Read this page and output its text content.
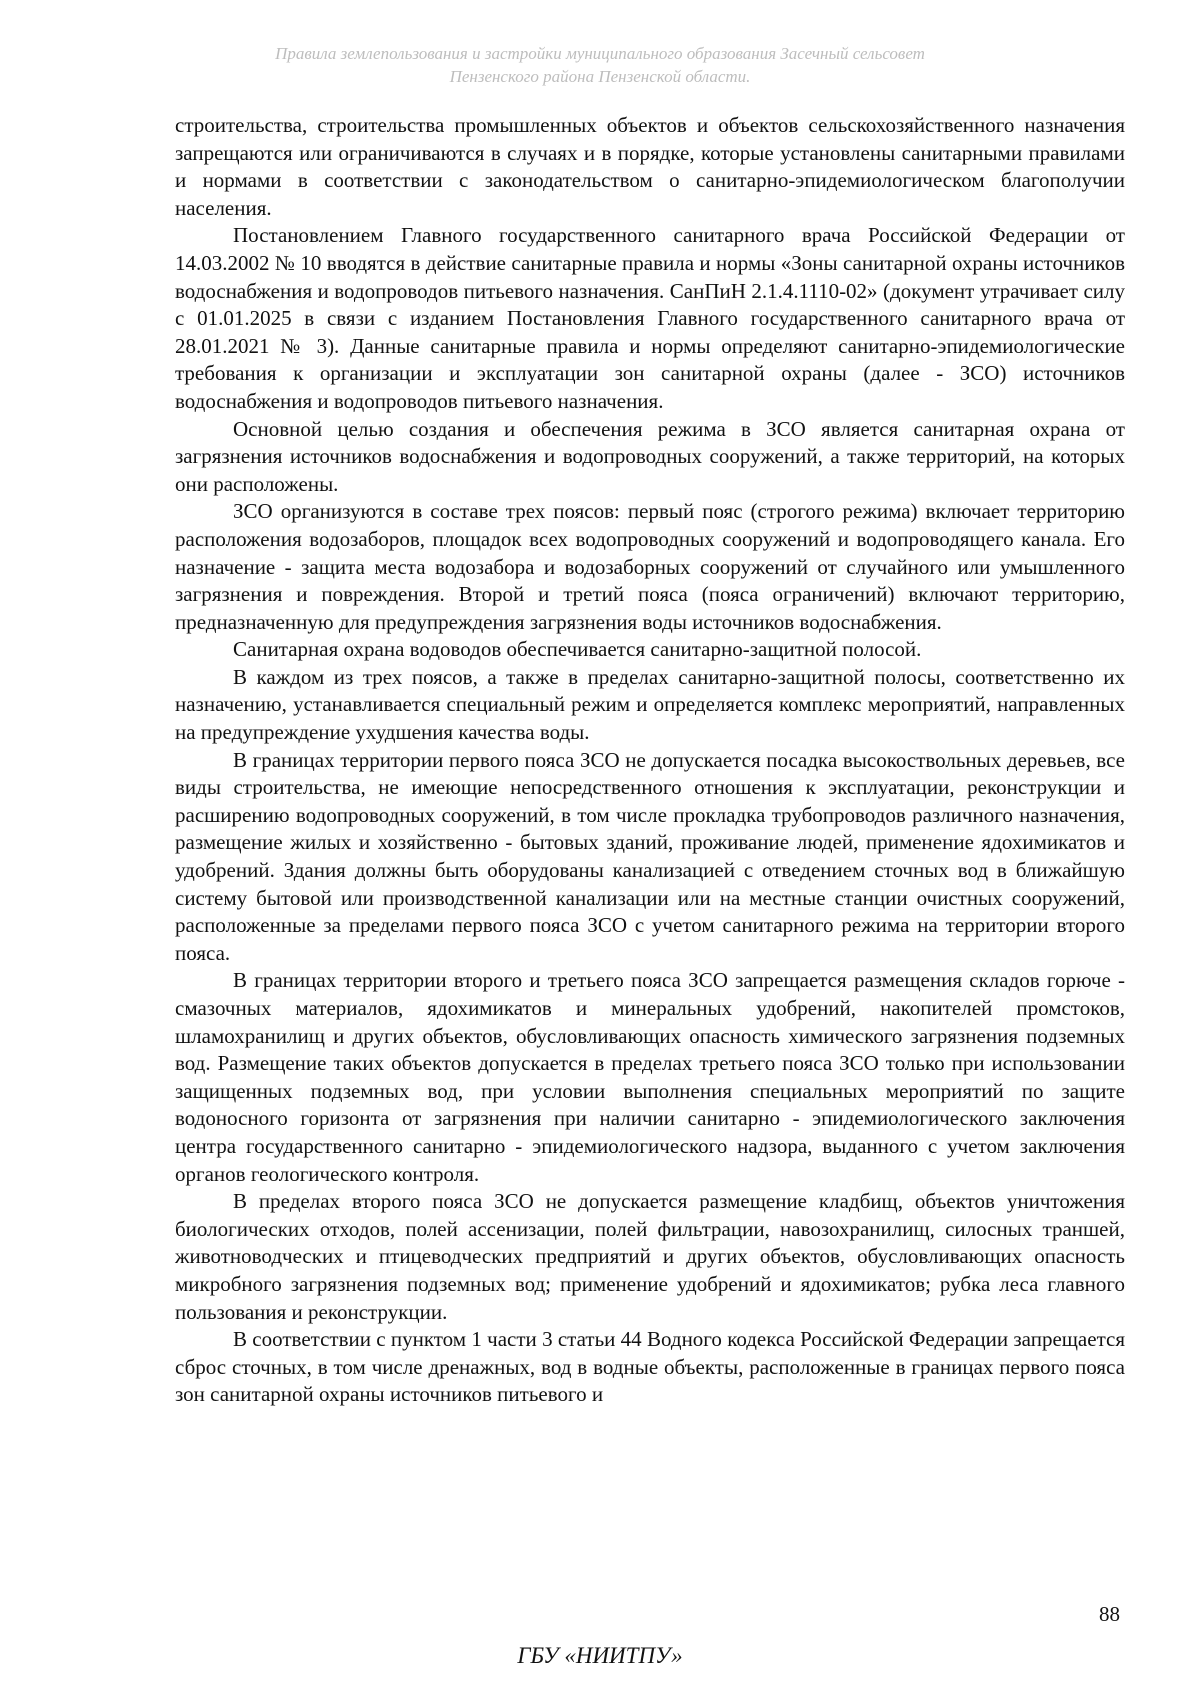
Правила землепользования и застройки муниципального образования Засечный сельсовет
Пензенского района Пензенской области.

строительства, строительства промышленных объектов и объектов сельскохозяйственного назначения запрещаются или ограничиваются в случаях и в порядке, которые установлены санитарными правилами и нормами в соответствии с законодательством о санитарно-эпидемиологическом благополучии населения.

Постановлением Главного государственного санитарного врача Российской Федерации от 14.03.2002 № 10 вводятся в действие санитарные правила и нормы «Зоны санитарной охраны источников водоснабжения и водопроводов питьевого назначения. СанПиН 2.1.4.1110-02» (документ утрачивает силу с 01.01.2025 в связи с изданием Постановления Главного государственного санитарного врача от 28.01.2021 № 3). Данные санитарные правила и нормы определяют санитарно-эпидемиологические требования к организации и эксплуатации зон санитарной охраны (далее - ЗСО) источников водоснабжения и водопроводов питьевого назначения.

Основной целью создания и обеспечения режима в ЗСО является санитарная охрана от загрязнения источников водоснабжения и водопроводных сооружений, а также территорий, на которых они расположены.

ЗСО организуются в составе трех поясов: первый пояс (строгого режима) включает территорию расположения водозаборов, площадок всех водопроводных сооружений и водопроводящего канала. Его назначение - защита места водозабора и водозаборных сооружений от случайного или умышленного загрязнения и повреждения. Второй и третий пояса (пояса ограничений) включают территорию, предназначенную для предупреждения загрязнения воды источников водоснабжения.

Санитарная охрана водоводов обеспечивается санитарно-защитной полосой.

В каждом из трех поясов, а также в пределах санитарно-защитной полосы, соответственно их назначению, устанавливается специальный режим и определяется комплекс мероприятий, направленных на предупреждение ухудшения качества воды.

В границах территории первого пояса ЗСО не допускается посадка высокоствольных деревьев, все виды строительства, не имеющие непосредственного отношения к эксплуатации, реконструкции и расширению водопроводных сооружений, в том числе прокладка трубопроводов различного назначения, размещение жилых и хозяйственно - бытовых зданий, проживание людей, применение ядохимикатов и удобрений. Здания должны быть оборудованы канализацией с отведением сточных вод в ближайшую систему бытовой или производственной канализации или на местные станции очистных сооружений, расположенные за пределами первого пояса ЗСО с учетом санитарного режима на территории второго пояса.

В границах территории второго и третьего пояса ЗСО запрещается размещения складов горюче - смазочных материалов, ядохимикатов и минеральных удобрений, накопителей промстоков, шламохранилищ и других объектов, обусловливающих опасность химического загрязнения подземных вод. Размещение таких объектов допускается в пределах третьего пояса ЗСО только при использовании защищенных подземных вод, при условии выполнения специальных мероприятий по защите водоносного горизонта от загрязнения при наличии санитарно - эпидемиологического заключения центра государственного санитарно - эпидемиологического надзора, выданного с учетом заключения органов геологического контроля.

В пределах второго пояса ЗСО не допускается размещение кладбищ, объектов уничтожения биологических отходов, полей ассенизации, полей фильтрации, навозохранилищ, силосных траншей, животноводческих и птицеводческих предприятий и других объектов, обусловливающих опасность микробного загрязнения подземных вод; применение удобрений и ядохимикатов; рубка леса главного пользования и реконструкции.

В соответствии с пунктом 1 части 3 статьи 44 Водного кодекса Российской Федерации запрещается сброс сточных, в том числе дренажных, вод в водные объекты, расположенные в границах первого пояса зон санитарной охраны источников питьевого и

88
ГБУ «НИИТПУ»
